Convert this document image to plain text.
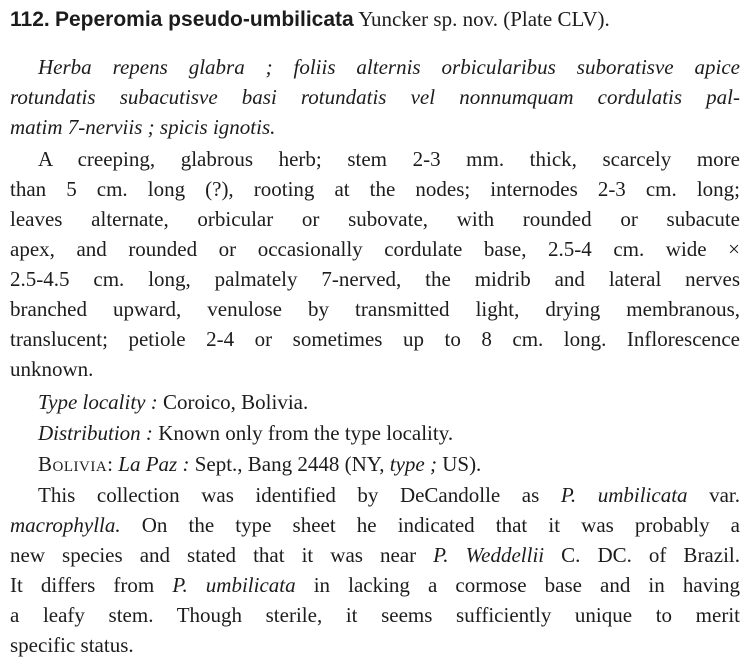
112. Peperomia pseudo-umbilicata Yuncker sp. nov. (Plate CLV).
Herba repens glabra ; foliis alternis orbicularibus suboratisve apice
rotundatis subacutisve basi rotundatis vel nonnumquam cordulatis pal-
matim 7-nerviis ; spicis ignotis.
A creeping, glabrous herb; stem 2-3 mm. thick, scarcely more
than 5 cm. long (?), rooting at the nodes; internodes 2-3 cm. long;
leaves alternate, orbicular or subovate, with rounded or subacute
apex, and rounded or occasionally cordulate base, 2.5-4 cm. wide ×
2.5-4.5 cm. long, palmately 7-nerved, the midrib and lateral nerves
branched upward, venulose by transmitted light, drying membranous,
translucent; petiole 2-4 or sometimes up to 8 cm. long. Inflorescence
unknown.
Type locality : Coroico, Bolivia.
Distribution : Known only from the type locality.
Bolivia: La Paz : Sept., Bang 2448 (NY, type ; US).
This collection was identified by DeCandolle as P. umbilicata var.
macrophylla. On the type sheet he indicated that it was probably a
new species and stated that it was near P. Weddellii C. DC. of Brazil.
It differs from P. umbilicata in lacking a cormose base and in having
a leafy stem. Though sterile, it seems sufficiently unique to merit
specific status.
